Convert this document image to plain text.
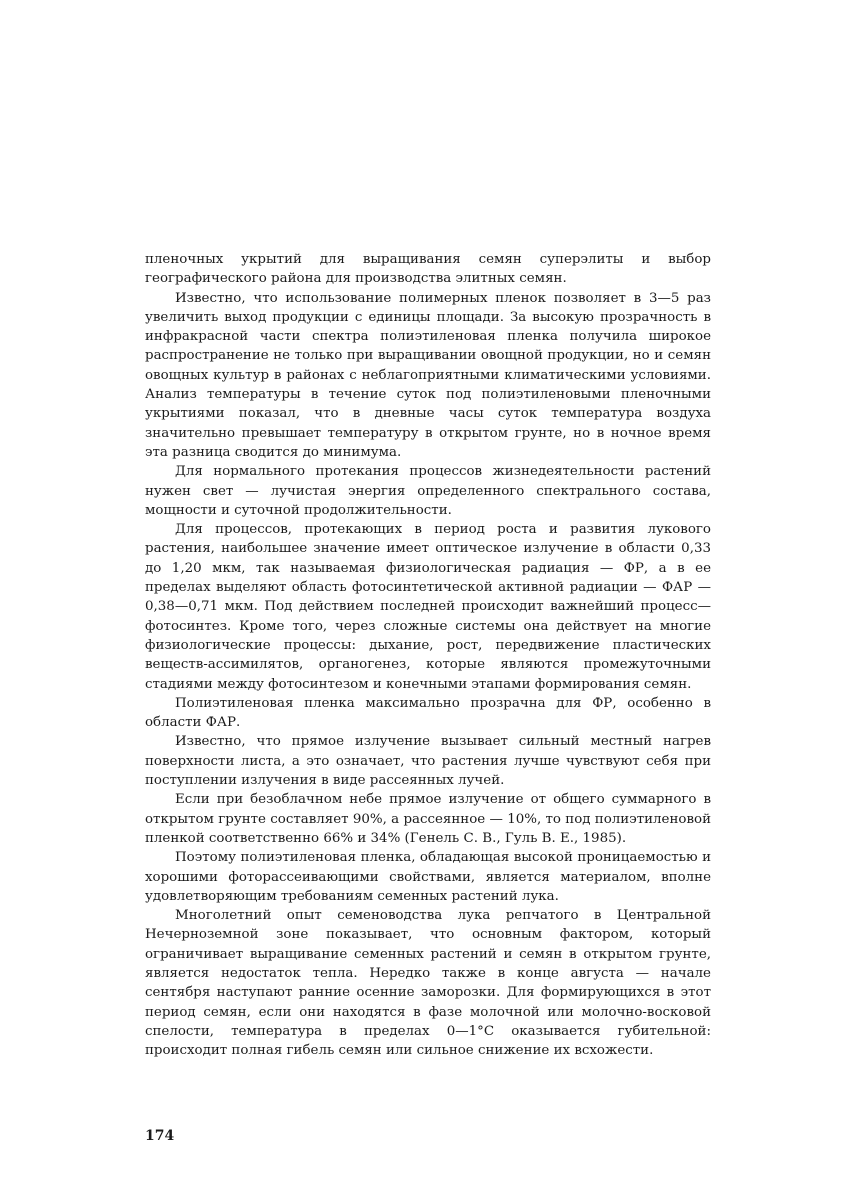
пленочных укрытий для выращивания семян суперэлиты и выбор географического района для производства элитных семян.

Известно, что использование полимерных пленок позволяет в 3—5 раз увеличить выход продукции с единицы площади. За высокую прозрачность в инфракрасной части спектра полиэтиленовая пленка получила широкое распространение не только при выращивании овощной продукции, но и семян овощных культур в районах с неблагоприятными климатическими условиями. Анализ температуры в течение суток под полиэтиленовыми пленочными укрытиями показал, что в дневные часы суток температура воздуха значительно превышает температуру в открытом грунте, но в ночное время эта разница сводится до минимума.

Для нормального протекания процессов жизнедеятельности растений нужен свет — лучистая энергия определенного спектрального состава, мощности и суточной продолжительности.

Для процессов, протекающих в период роста и развития лукового растения, наибольшее значение имеет оптическое излучение в области 0,33 до 1,20 мкм, так называемая физиологическая радиация — ФР, а в ее пределах выделяют область фотосинтетической активной радиации — ФАР — 0,38—0,71 мкм. Под действием последней происходит важнейший процесс—фотосинтез. Кроме того, через сложные системы она действует на многие физиологические процессы: дыхание, рост, передвижение пластических веществ-ассимилятов, органогенез, которые являются промежуточными стадиями между фотосинтезом и конечными этапами формирования семян.

Полиэтиленовая пленка максимально прозрачна для ФР, особенно в области ФАР.

Известно, что прямое излучение вызывает сильный местный нагрев поверхности листа, а это означает, что растения лучше чувствуют себя при поступлении излучения в виде рассеянных лучей.

Если при безоблачном небе прямое излучение от общего суммарного в открытом грунте составляет 90%, а рассеянное — 10%, то под полиэтиленовой пленкой соответственно 66% и 34% (Генель С. В., Гуль В. Е., 1985).

Поэтому полиэтиленовая пленка, обладающая высокой проницаемостью и хорошими фоторассеивающими свойствами, является материалом, вполне удовлетворяющим требованиям семенных растений лука.

Многолетний опыт семеноводства лука репчатого в Центральной Нечерноземной зоне показывает, что основным фактором, который ограничивает выращивание семенных растений и семян в открытом грунте, является недостаток тепла. Нередко также в конце августа — начале сентября наступают ранние осенние заморозки. Для формирующихся в этот период семян, если они находятся в фазе молочной или молочно-восковой спелости, температура в пределах 0—1°С оказывается губительной: происходит полная гибель семян или сильное снижение их всхожести.

174
